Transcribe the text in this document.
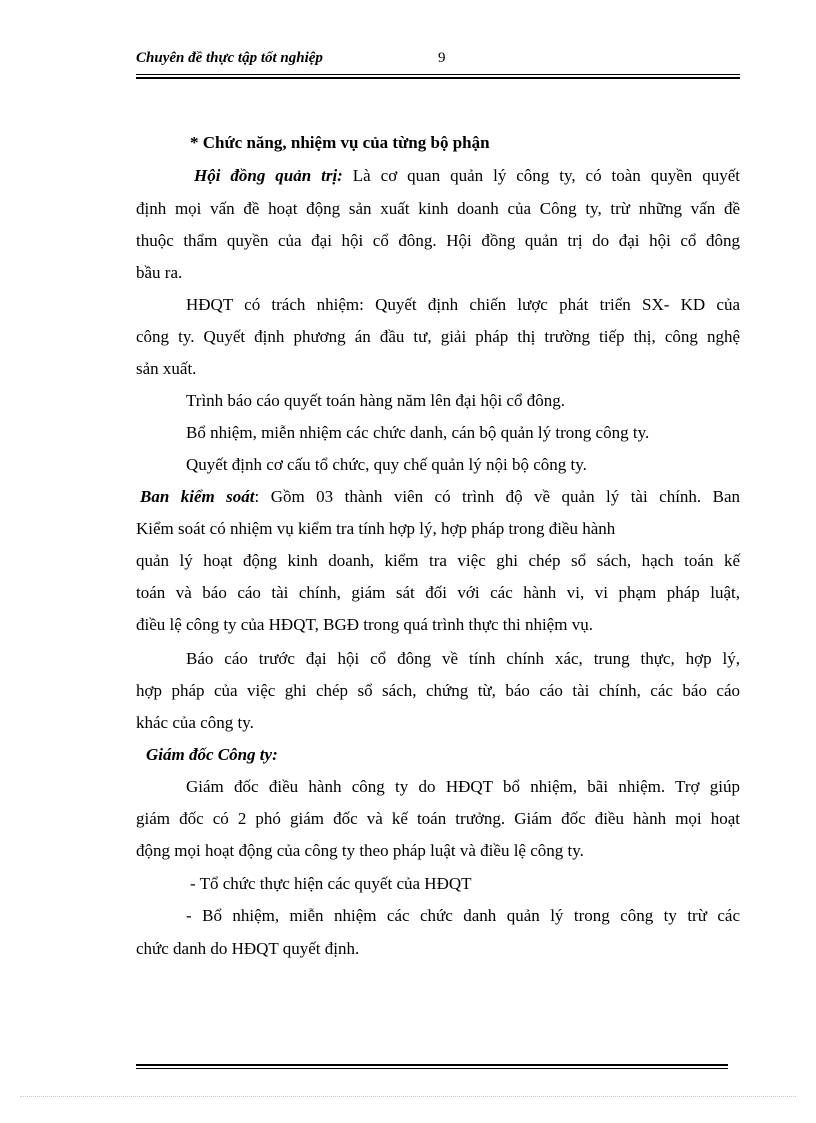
Chuyên đề thực tập tốt nghiệp	9
* Chức năng, nhiệm vụ của từng bộ phận
Hội đồng quản trị: Là cơ quan quản lý công ty, có toàn quyền quyết
định mọi vấn đề hoạt động sản xuất kinh doanh của Công ty, trừ những vấn đề
thuộc thẩm quyền của đại hội cổ đông. Hội đồng quản trị do đại hội cổ đông
bầu ra.
HĐQT có trách nhiệm: Quyết định chiến lược phát triển SX- KD của
công ty. Quyết định phương án đầu tư, giải pháp thị trường tiếp thị, công nghệ
sản xuất.
Trình báo cáo quyết toán hàng năm lên đại hội cổ đông.
Bổ nhiệm, miễn nhiệm các chức danh, cán bộ quản lý trong công ty.
Quyết định cơ cấu tổ chức, quy chế quản lý nội bộ công ty.
Ban kiểm soát: Gồm 03 thành viên có trình độ về quản lý tài chính. Ban
Kiểm soát có nhiệm vụ kiểm tra tính hợp lý, hợp pháp trong điều hành
quản lý hoạt động kinh doanh, kiểm tra việc ghi chép sổ sách, hạch toán kế
toán và báo cáo tài chính, giám sát đối với các hành vi, vi phạm pháp luật,
điều lệ công ty của HĐQT, BGĐ trong quá trình thực thi nhiệm vụ.
Báo cáo trước đại hội cổ đông về tính chính xác, trung thực, hợp lý,
hợp pháp của việc ghi chép sổ sách, chứng từ, báo cáo tài chính, các báo cáo
khác của công ty.
Giám đốc Công ty:
Giám đốc điều hành công ty do HĐQT bổ nhiệm, bãi nhiệm. Trợ giúp
giám đốc có 2 phó giám đốc và kế toán trưởng. Giám đốc điều hành mọi hoạt
động mọi hoạt động của công ty theo pháp luật và điều lệ công ty.
- Tổ chức thực hiện các quyết của HĐQT
- Bổ nhiệm, miễn nhiệm các chức danh quản lý trong công ty trừ các
chức danh do HĐQT quyết định.
